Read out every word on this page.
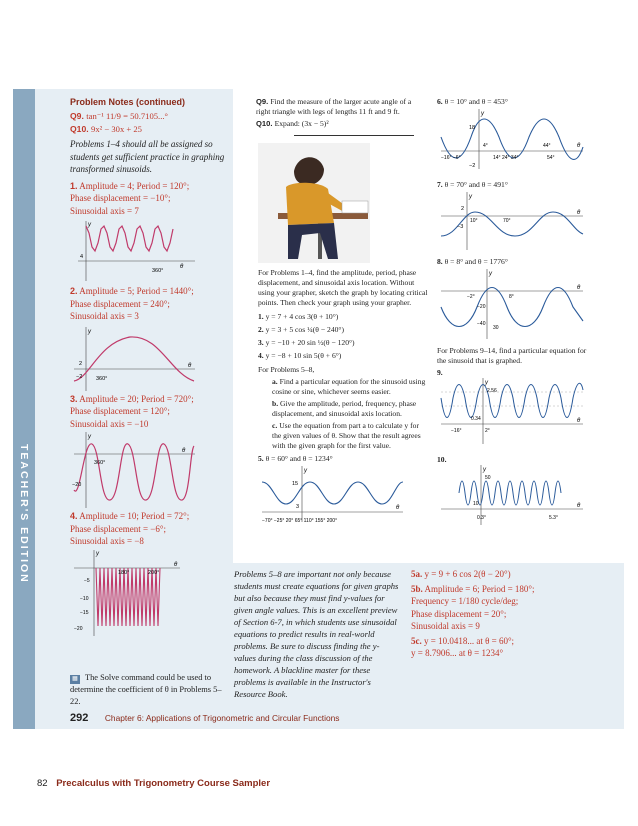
TEACHER'S EDITION
Problem Notes (continued)
Q9. tan⁻¹ 11/9 = 50.7105...°
Q10. 9x² − 30x + 25
Problems 1–4 should all be assigned so students get sufficient practice in graphing transformed sinusoids.
1. Amplitude = 4; Period = 120°;
Phase displacement = −10°;
Sinusoidal axis = 7
y
4
θ
360°
2. Amplitude = 5; Period = 1440°;
Phase displacement = 240°;
Sinusoidal axis = 3
y
2
−2 360°
θ
3. Amplitude = 20; Period = 720°;
Phase displacement = 120°;
Sinusoidal axis = −10
y
360°
−20
θ
4. Amplitude = 10; Period = 72°;
Phase displacement = −6°;
Sinusoidal axis = −8
y
180°	200°
θ
−5
−10
−15
−20
▦ The Solve command could be used to determine the coefficient of θ in Problems 5–22.
Q9. Find the measure of the larger acute angle of a right triangle with legs of lengths 11 ft and 9 ft.
Q10. Expand: (3x − 5)²
For Problems 1–4, find the amplitude, period, phase displacement, and sinusoidal axis location. Without using your grapher, sketch the graph by locating critical points. Then check your graph using your grapher.
1. y = 7 + 4 cos 3(θ + 10°)
2. y = 3 + 5 cos ¼(θ − 240°)
3. y = −10 + 20 sin ½(θ − 120°)
4. y = −8 + 10 sin 5(θ + 6°)
For Problems 5–8,
a. Find a particular equation for the sinusoid using cosine or sine, whichever seems easier.
b. Give the amplitude, period, frequency, phase displacement, and sinusoidal axis location.
c. Use the equation from part a to calculate y for the given values of θ. Show that the result agrees with the given graph for the first value.
5. θ = 60° and θ = 1234°
y
15
3	θ
−70° −25° 20° 65° 110° 155° 200°
6. θ = 10° and θ = 453°
y
18
−2
4°	44°	θ
−16° −6°	14° 24° 34°	54°
7. θ = 70° and θ = 491°
y
2
−3
10°	70°
θ
8. θ = 8° and θ = 1776°
y
−2°	8°
θ
−20
−40
30
For Problems 9–14, find a particular equation for the sinusoid that is graphed.
9.
y
2.56
0.34
−16°	2°
θ
10.
y
50
10
0.3°	5.3°
θ
Problems 5–8 are important not only because students must create equations for given graphs but also because they must find y-values for given angle values. This is an excellent preview of Section 6-7, in which students use sinusoidal equations to predict results in real-world problems. Be sure to discuss finding the y-values during the class discussion of the homework. A blackline master for these problems is available in the Instructor's Resource Book.
5a. y = 9 + 6 cos 2(θ − 20°)
5b. Amplitude = 6; Period = 180°;
Frequency = 1/180 cycle/deg;
Phase displacement = 20°;
Sinusoidal axis = 9
5c. y = 10.0418... at θ = 60°;
y = 8.7906... at θ = 1234°
292 Chapter 6: Applications of Trigonometric and Circular Functions
82 Precalculus with Trigonometry Course Sampler
